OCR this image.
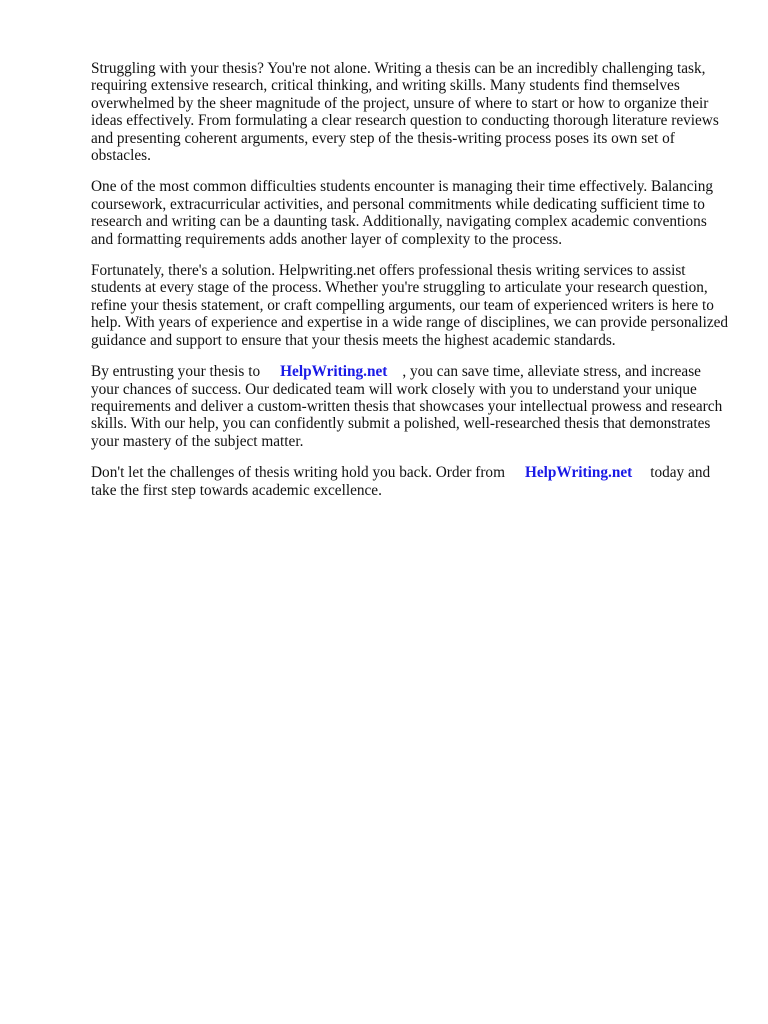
Struggling with your thesis? You're not alone. Writing a thesis can be an incredibly challenging task, requiring extensive research, critical thinking, and writing skills. Many students find themselves overwhelmed by the sheer magnitude of the project, unsure of where to start or how to organize their ideas effectively. From formulating a clear research question to conducting thorough literature reviews and presenting coherent arguments, every step of the thesis-writing process poses its own set of obstacles.

One of the most common difficulties students encounter is managing their time effectively. Balancing coursework, extracurricular activities, and personal commitments while dedicating sufficient time to research and writing can be a daunting task. Additionally, navigating complex academic conventions and formatting requirements adds another layer of complexity to the process.

Fortunately, there's a solution. Helpwriting.net offers professional thesis writing services to assist students at every stage of the process. Whether you're struggling to articulate your research question, refine your thesis statement, or craft compelling arguments, our team of experienced writers is here to help. With years of experience and expertise in a wide range of disciplines, we can provide personalized guidance and support to ensure that your thesis meets the highest academic standards.

By entrusting your thesis to HelpWriting.net , you can save time, alleviate stress, and increase your chances of success. Our dedicated team will work closely with you to understand your unique requirements and deliver a custom-written thesis that showcases your intellectual prowess and research skills. With our help, you can confidently submit a polished, well-researched thesis that demonstrates your mastery of the subject matter.

Don't let the challenges of thesis writing hold you back. Order from HelpWriting.net today and take the first step towards academic excellence.
